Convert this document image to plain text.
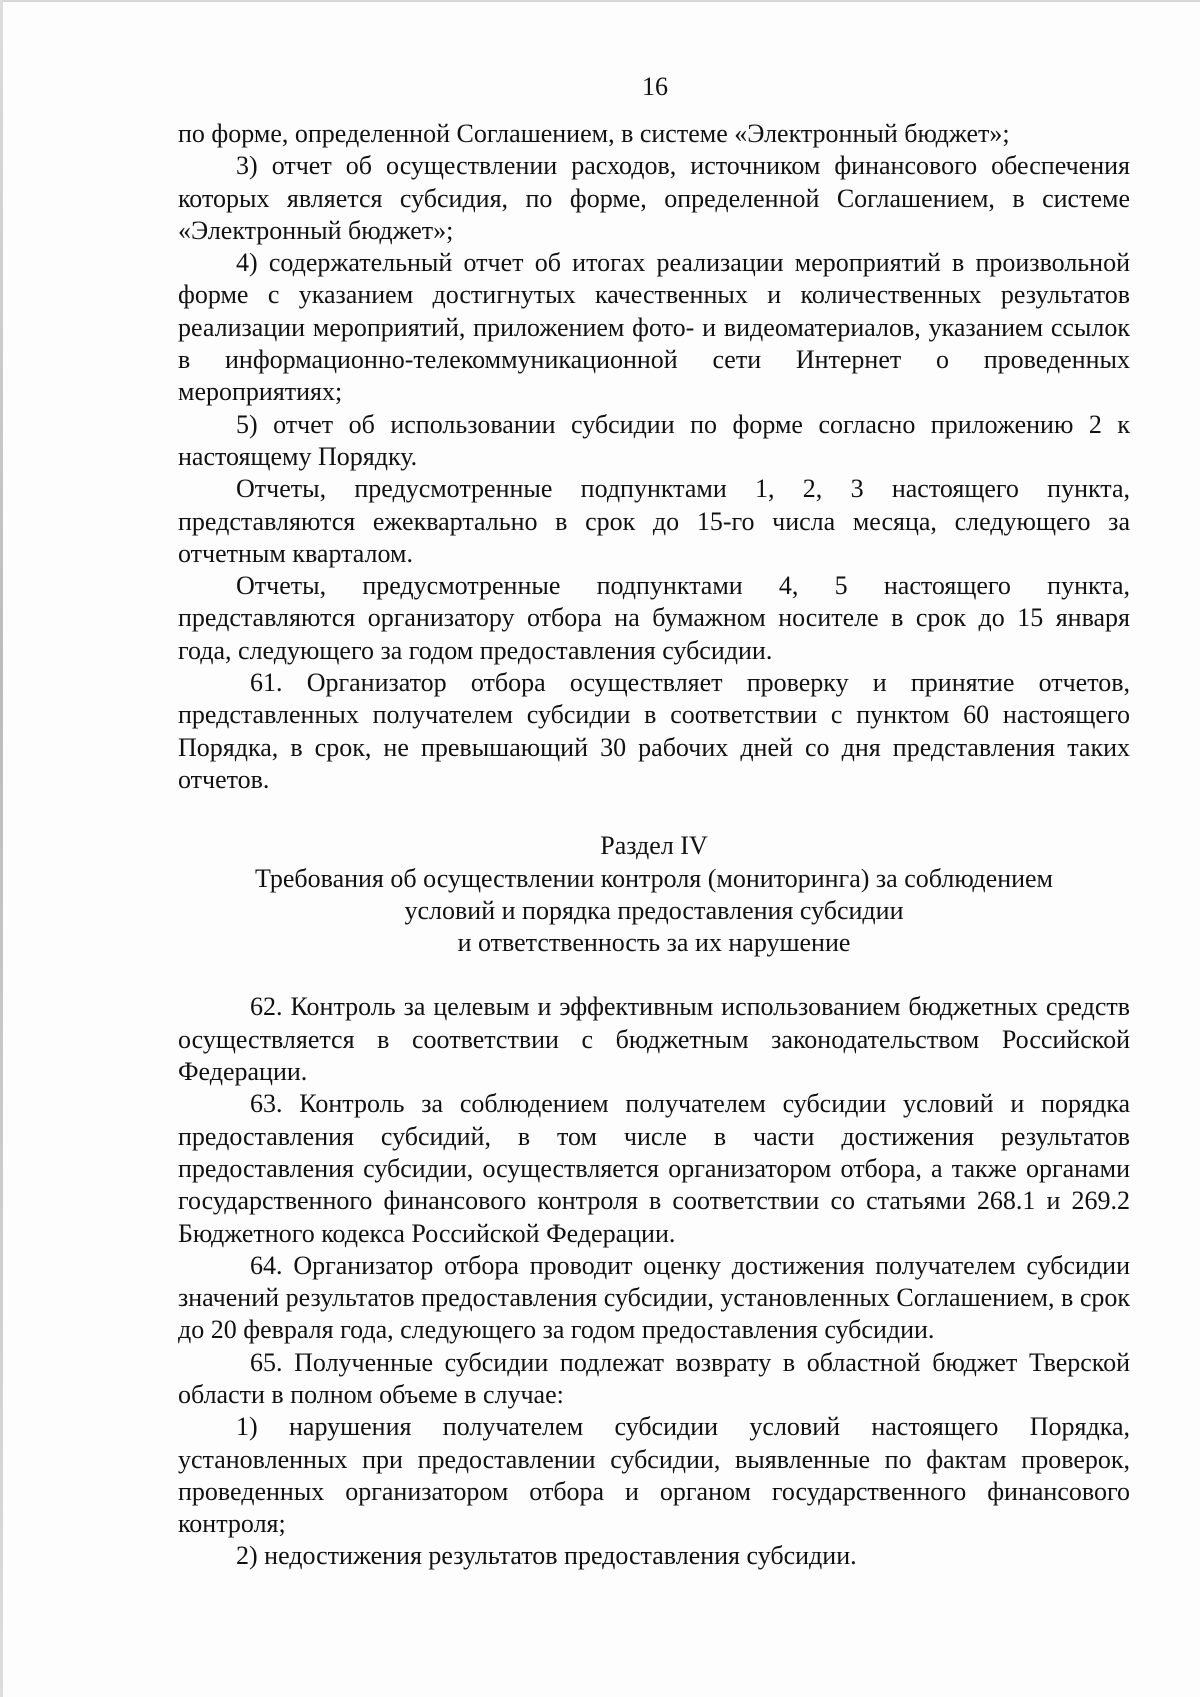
16

по форме, определенной Соглашением, в системе «Электронный бюджет»;

3) отчет об осуществлении расходов, источником финансового обеспечения которых является субсидия, по форме, определенной Соглашением, в системе «Электронный бюджет»;

4) содержательный отчет об итогах реализации мероприятий в произвольной форме с указанием достигнутых качественных и количественных результатов реализации мероприятий, приложением фото- и видеоматериалов, указанием ссылок в информационно-телекоммуникационной сети Интернет о проведенных мероприятиях;

5) отчет об использовании субсидии по форме согласно приложению 2 к настоящему Порядку.

Отчеты, предусмотренные подпунктами 1, 2, 3 настоящего пункта, представляются ежеквартально в срок до 15-го числа месяца, следующего за отчетным кварталом.

Отчеты, предусмотренные подпунктами 4, 5 настоящего пункта, представляются организатору отбора на бумажном носителе в срок до 15 января года, следующего за годом предоставления субсидии.

61. Организатор отбора осуществляет проверку и принятие отчетов, представленных получателем субсидии в соответствии с пунктом 60 настоящего Порядка, в срок, не превышающий 30 рабочих дней со дня представления таких отчетов.

Раздел IV
Требования об осуществлении контроля (мониторинга) за соблюдением
условий и порядка предоставления субсидии
и ответственность за их нарушение

62. Контроль за целевым и эффективным использованием бюджетных средств осуществляется в соответствии с бюджетным законодательством Российской Федерации.

63. Контроль за соблюдением получателем субсидии условий и порядка предоставления субсидий, в том числе в части достижения результатов предоставления субсидии, осуществляется организатором отбора, а также органами государственного финансового контроля в соответствии со статьями 268.1 и 269.2 Бюджетного кодекса Российской Федерации.

64. Организатор отбора проводит оценку достижения получателем субсидии значений результатов предоставления субсидии, установленных Соглашением, в срок до 20 февраля года, следующего за годом предоставления субсидии.

65. Полученные субсидии подлежат возврату в областной бюджет Тверской области в полном объеме в случае:

1) нарушения получателем субсидии условий настоящего Порядка, установленных при предоставлении субсидии, выявленные по фактам проверок, проведенных организатором отбора и органом государственного финансового контроля;

2) недостижения результатов предоставления субсидии.
